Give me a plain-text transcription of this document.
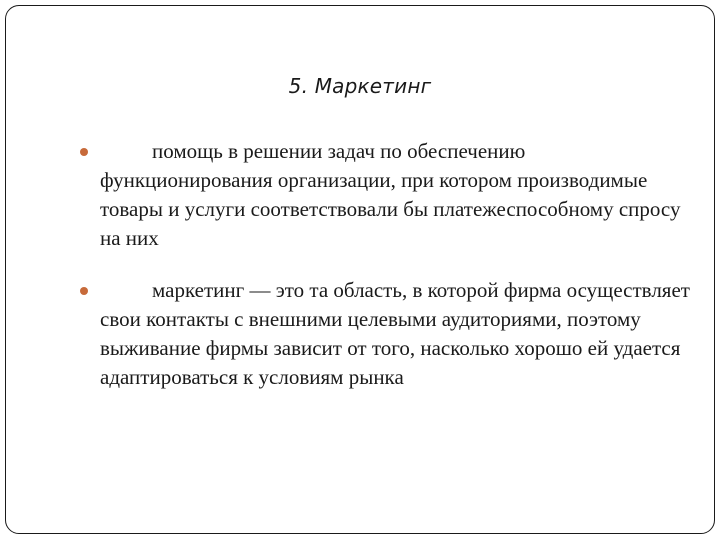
5. Маркетинг

помощь в решении задач по обеспечению функционирования организации, при котором производимые товары и услуги соответствовали бы платежеспособному спросу на них

маркетинг — это та область, в которой фирма осуществляет свои контакты с внешними целевыми аудиториями, поэтому выживание фирмы зависит от того, насколько хорошо ей удается адаптироваться к условиям рынка
